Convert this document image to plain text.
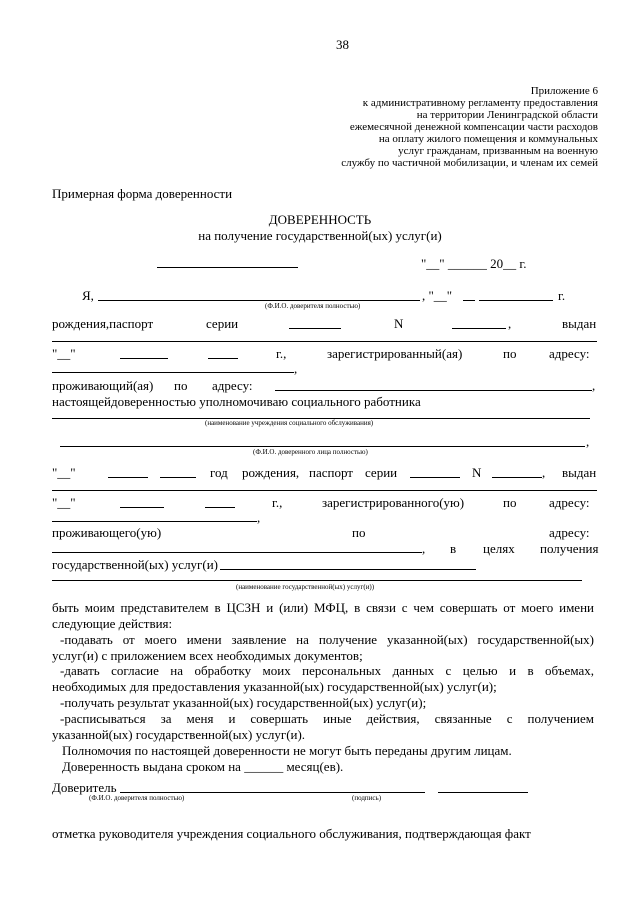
38
Приложение 6
к административному регламенту предоставления
на территории Ленинградской области
ежемесячной денежной компенсации части расходов
на оплату жилого помещения и коммунальных
услуг гражданам, призванным на военную
службу по частичной мобилизации, и членам их семей
Примерная форма доверенности
ДОВЕРЕННОСТЬ
на получение государственной(ых) услуг(и)
"__" ______ 20__ г.
Я,	, "__"	г.
(Ф.И.О. доверителя полностью)
рождения,паспорт	серии	N	,	выдан
"__"	г.,	зарегистрированный(ая)	по	адресу:
,
проживающий(ая) по адресу:	,
настоящейдоверенностью уполномочиваю социального работника
(наименование учреждения социального обслуживания)
,
(Ф.И.О. доверенного лица полностью)
"__"	год рождения, паспорт серии	N	, выдан
"__"	г.,	зарегистрированного(ую)	по	адресу:
,
проживающего(ую)	по	адресу:
, в целях получения
государственной(ых) услуг(и)
(наименование государственной(ых) услуг(и))
быть моим представителем в ЦСЗН и (или) МФЦ, в связи с чем совершать от моего имени
следующие действия:
-подавать от моего имени заявление на получение указанной(ых) государственной(ых)
услуг(и) с приложением всех необходимых документов;
-давать согласие на обработку моих персональных данных с целью и в объемах,
необходимых для предоставления указанной(ых) государственной(ых) услуг(и);
-получать результат указанной(ых) государственной(ых) услуг(и);
-расписываться за меня и совершать иные действия, связанные с получением
указанной(ых) государственной(ых) услуг(и).
Полномочия по настоящей доверенности не могут быть переданы другим лицам.
Доверенность выдана сроком на ______ месяц(ев).
Доверитель
(Ф.И.О. доверителя полностью)	(подпись)
отметка руководителя учреждения социального обслуживания, подтверждающая факт
